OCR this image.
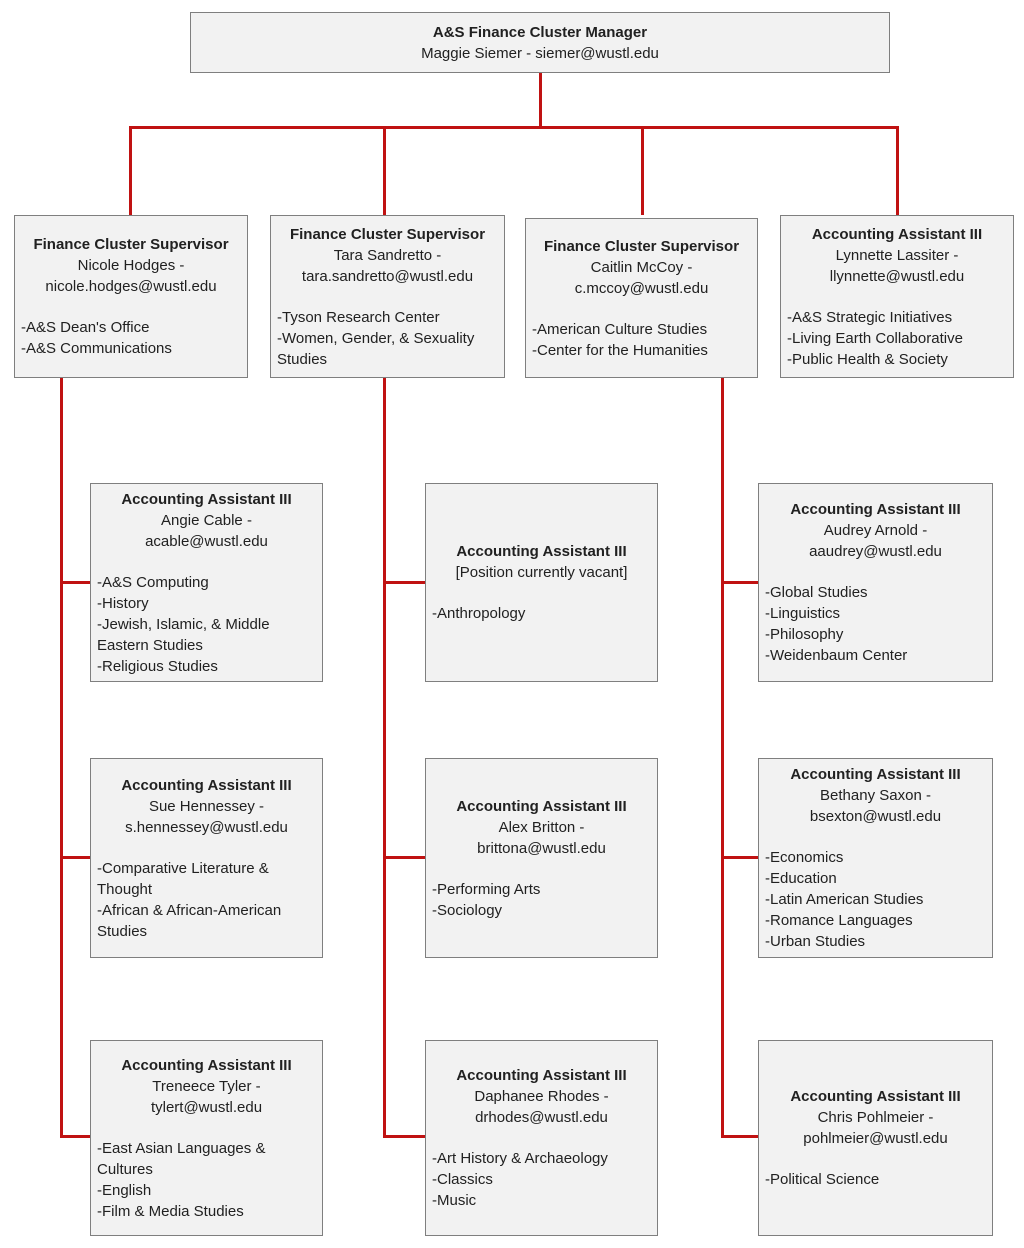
A&S Finance Cluster Manager
Maggie Siemer - siemer@wustl.edu
Finance Cluster Supervisor
Nicole Hodges -
nicole.hodges@wustl.edu
-A&S Dean's Office
-A&S Communications
Finance Cluster Supervisor
Tara Sandretto -
tara.sandretto@wustl.edu
-Tyson Research Center
-Women, Gender, & Sexuality Studies
Finance Cluster Supervisor
Caitlin McCoy -
c.mccoy@wustl.edu
-American Culture Studies
-Center for the Humanities
Accounting Assistant III
Lynnette Lassiter -
llynnette@wustl.edu
-A&S Strategic Initiatives
-Living Earth Collaborative
-Public Health & Society
Accounting Assistant III
Angie Cable -
acable@wustl.edu
-A&S Computing
-History
-Jewish, Islamic, & Middle Eastern Studies
-Religious Studies
Accounting Assistant III
[Position currently vacant]
-Anthropology
Accounting Assistant III
Audrey Arnold -
aaudrey@wustl.edu
-Global Studies
-Linguistics
-Philosophy
-Weidenbaum Center
Accounting Assistant III
Sue Hennessey -
s.hennessey@wustl.edu
-Comparative Literature & Thought
-African & African-American Studies
Accounting Assistant III
Alex Britton -
brittona@wustl.edu
-Performing Arts
-Sociology
Accounting Assistant III
Bethany Saxon -
bsexton@wustl.edu
-Economics
-Education
-Latin American Studies
-Romance Languages
-Urban Studies
Accounting Assistant III
Treneece Tyler -
tylert@wustl.edu
-East Asian Languages & Cultures
-English
-Film & Media Studies
Accounting Assistant III
Daphanee Rhodes -
drhodes@wustl.edu
-Art History & Archaeology
-Classics
-Music
Accounting Assistant III
Chris Pohlmeier -
pohlmeier@wustl.edu
-Political Science
